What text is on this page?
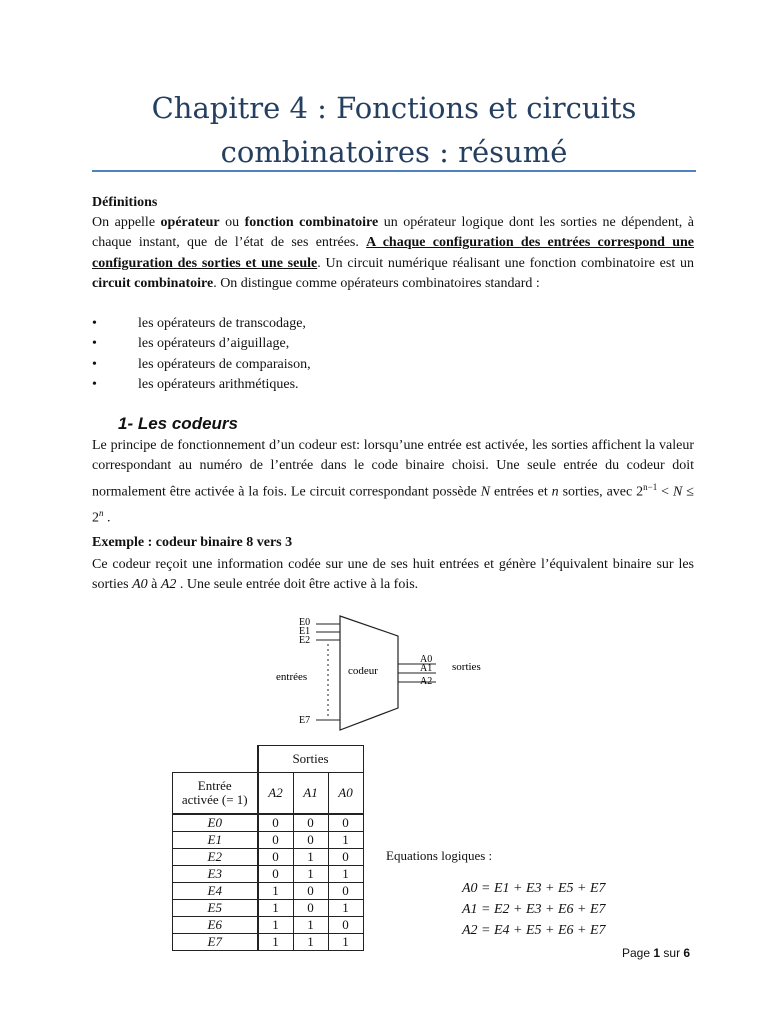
Chapitre 4 : Fonctions et circuits
combinatoires : résumé

Définitions

On appelle opérateur ou fonction combinatoire un opérateur logique dont les sorties ne dépendent, à chaque instant, que de l’état de ses entrées. A chaque configuration des entrées correspond une configuration des sorties et une seule. Un circuit numérique réalisant une fonction combinatoire est un circuit combinatoire. On distingue comme opérateurs combinatoires standard :

•	les opérateurs de transcodage,
•	les opérateurs d’aiguillage,
•	les opérateurs de comparaison,
•	les opérateurs arithmétiques.
1- Les codeurs

Le principe de fonctionnement d’un codeur est: lorsqu’une entrée est activée, les sorties affichent la valeur correspondant au numéro de l’entrée dans le code binaire choisi. Une seule entrée du codeur doit normalement être activée à la fois. Le circuit correspondant possède N entrées et n sorties, avec $2^{n-1} < N \le 2^n$ .

Exemple : codeur binaire 8 vers 3

Ce codeur reçoit une information codée sur une de ses huit entrées et génère l’équivalent binaire sur les sorties A0 à A2 . Une seule entrée doit être active à la fois.

E0
E1
E2
E7
entrées	codeur
A0
A1
A2
sorties
	Sorties		
Entrée
activée (= 1)	A2	A1	A0
E0	0	0	0
E1	0	0	1
E2	0	1	0
E3	0	1	1
E4	1	0	0
E5	1	0	1
E6	1	1	0
E7	1	1	1
Equations logiques :
A0 = E1 + E3 + E5 + E7
A1 = E2 + E3 + E6 + E7
A2 = E4 + E5 + E6 + E7
Page 1 sur 6
